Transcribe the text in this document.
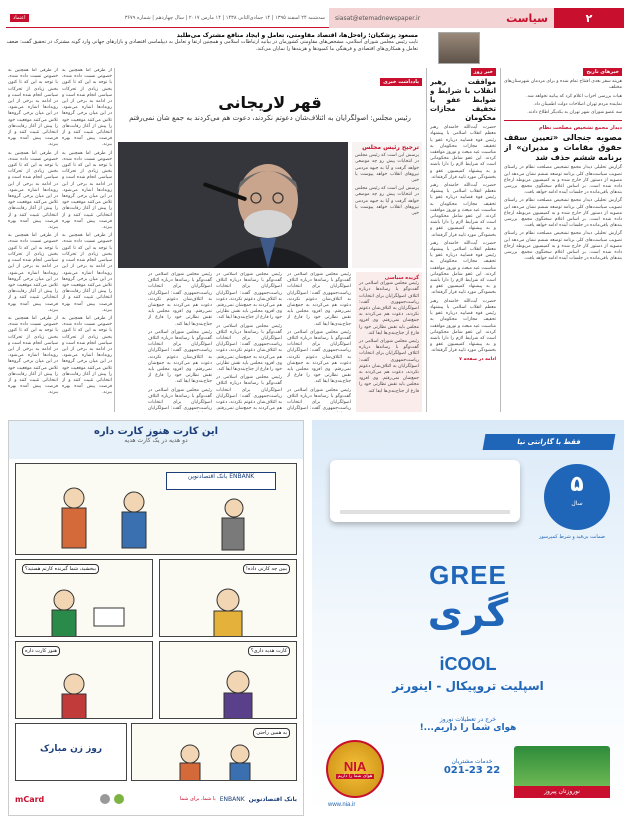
۲
سیاست
siasat@etemadnewspaper.ir
سه‌شنبه ۲۴ اسفند ۱۳۹۵ | ۱۴ جمادی‌الثانی ۱۴۳۸ | ۱۴ مارس ۲۰۱۷ | سال چهاردهم | شماره ۳۶۷۹
اعتماد
مسعود پزشکیان: راه‌حل‌ها، اقتصاد مقاومتی، تعامل و ایجاد منافع مشترک می‌طلبد
نایب رئیس مجلس شورای اسلامی، مشخص‌های مقاومتی کشورمان در بیانیه ارتباطات اسلامی و همچنین ارتقا و تعامل به دیپلماسی اقتصادی و بازارهای جهانی وارد گونه مشترک در تحقیق گفت: ضعف تعامل و همکاری‌های اقتصادی و فرهنگی ما کمبودها و هزینه‌ها را نمایان می‌کند.
خبرهای تاریخ

هزینه سفر بعدی افتتاح تمام شده و برای مردمان شهرستان‌های مختلف

هیات بررسی احزاب اعلام کرد که بیانیه نخواهد شد.

نماینده مردم تهران اصلاحات دولت اطمینان داد.

سه عضو شورای شهر تهران به یکدیگر اطلاع دادند.

دیدار مجمع تشخیص مصلحت نظام
مصوبه جنجالی «تعیین سقف حقوق مقامات و مدیران» از برنامه ششم حذف شد

گزارش تحلیلی دیدار مجمع تشخیص مصلحت نظام در راستای تصویب سیاست‌های کلی برنامه توسعه ششم نشان می‌دهد این مصوبه از دستور کار خارج شده و به کمیسیون مربوطه ارجاع داده شده است. بر اساس اعلام سخنگوی مجمع، بررسی بندهای باقی‌مانده در جلسات آینده ادامه خواهد یافت.

گزارش تحلیلی دیدار مجمع تشخیص مصلحت نظام در راستای تصویب سیاست‌های کلی برنامه توسعه ششم نشان می‌دهد این مصوبه از دستور کار خارج شده و به کمیسیون مربوطه ارجاع داده شده است. بر اساس اعلام سخنگوی مجمع، بررسی بندهای باقی‌مانده در جلسات آینده ادامه خواهد یافت.

گزارش تحلیلی دیدار مجمع تشخیص مصلحت نظام در راستای تصویب سیاست‌های کلی برنامه توسعه ششم نشان می‌دهد این مصوبه از دستور کار خارج شده و به کمیسیون مربوطه ارجاع داده شده است. بر اساس اعلام سخنگوی مجمع، بررسی بندهای باقی‌مانده در جلسات آینده ادامه خواهد یافت.

خبر روز
موافقت رهبر انقلاب با شرایط و ضوابط عفو یا تخفیف مجازات محکومان

حضرت آیت‌الله خامنه‌ای رهبر معظم انقلاب اسلامی با پیشنهاد رئیس قوه قضاییه درباره عفو یا تخفیف مجازات محکومان به مناسبت عید مبعث و نوروز موافقت کردند. این عفو شامل محکومانی است که شرایط لازم را دارا باشند و به پیشنهاد کمیسیون عفو و بخشودگی مورد تایید قرار گرفته‌اند.

حضرت آیت‌الله خامنه‌ای رهبر معظم انقلاب اسلامی با پیشنهاد رئیس قوه قضاییه درباره عفو یا تخفیف مجازات محکومان به مناسبت عید مبعث و نوروز موافقت کردند. این عفو شامل محکومانی است که شرایط لازم را دارا باشند و به پیشنهاد کمیسیون عفو و بخشودگی مورد تایید قرار گرفته‌اند.

حضرت آیت‌الله خامنه‌ای رهبر معظم انقلاب اسلامی با پیشنهاد رئیس قوه قضاییه درباره عفو یا تخفیف مجازات محکومان به مناسبت عید مبعث و نوروز موافقت کردند. این عفو شامل محکومانی است که شرایط لازم را دارا باشند و به پیشنهاد کمیسیون عفو و بخشودگی مورد تایید قرار گرفته‌اند.

حضرت آیت‌الله خامنه‌ای رهبر معظم انقلاب اسلامی با پیشنهاد رئیس قوه قضاییه درباره عفو یا تخفیف مجازات محکومان به مناسبت عید مبعث و نوروز موافقت کردند. این عفو شامل محکومانی است که شرایط لازم را دارا باشند و به پیشنهاد کمیسیون عفو و بخشودگی مورد تایید قرار گرفته‌اند.

ادامه در صفحه ۷

یادداشت خبری
قهر لاریجانی
رئیس مجلس: اصولگرایان به ائتلاف‌شان دعوتم نکردند، دعوت هم می‌کردند به جمع شان نمی‌رفتم
ترجیح رئیس مجلس

پرسش این است که رئیس مجلس در انتخابات پیش رو چه موضعی خواهد گرفت و آیا به جبهه مردمی نیروهای انقلاب خواهد پیوست یا خیر.

پرسش این است که رئیس مجلس در انتخابات پیش رو چه موضعی خواهد گرفت و آیا به جبهه مردمی نیروهای انقلاب خواهد پیوست یا خیر.

گزیده سیاسی

رئیس مجلس شورای اسلامی در گفت‌وگو با رسانه‌ها درباره ائتلاف اصولگرایان برای انتخابات ریاست‌جمهوری گفت: اصولگرایان به ائتلاف‌شان دعوتم نکردند، دعوت هم می‌کردند به جمع‌شان نمی‌رفتم. وی افزود مجلس باید نقش نظارتی خود را فارغ از جناح‌بندی‌ها ایفا کند.

رئیس مجلس شورای اسلامی در گفت‌وگو با رسانه‌ها درباره ائتلاف اصولگرایان برای انتخابات ریاست‌جمهوری گفت: اصولگرایان به ائتلاف‌شان دعوتم نکردند، دعوت هم می‌کردند به جمع‌شان نمی‌رفتم. وی افزود مجلس باید نقش نظارتی خود را فارغ از جناح‌بندی‌ها ایفا کند.

رئیس مجلس شورای اسلامی در گفت‌وگو با رسانه‌ها درباره ائتلاف اصولگرایان برای انتخابات ریاست‌جمهوری گفت: اصولگرایان به ائتلاف‌شان دعوتم نکردند، دعوت هم می‌کردند به جمع‌شان نمی‌رفتم. وی افزود مجلس باید نقش نظارتی خود را فارغ از جناح‌بندی‌ها ایفا کند.

رئیس مجلس شورای اسلامی در گفت‌وگو با رسانه‌ها درباره ائتلاف اصولگرایان برای انتخابات ریاست‌جمهوری گفت: اصولگرایان به ائتلاف‌شان دعوتم نکردند، دعوت هم می‌کردند به جمع‌شان نمی‌رفتم. وی افزود مجلس باید نقش نظارتی خود را فارغ از جناح‌بندی‌ها ایفا کند.

رئیس مجلس شورای اسلامی در گفت‌وگو با رسانه‌ها درباره ائتلاف اصولگرایان برای انتخابات ریاست‌جمهوری گفت: اصولگرایان

رئیس مجلس شورای اسلامی در گفت‌وگو با رسانه‌ها درباره ائتلاف اصولگرایان برای انتخابات ریاست‌جمهوری گفت: اصولگرایان به ائتلاف‌شان دعوتم نکردند، دعوت هم می‌کردند به جمع‌شان نمی‌رفتم. وی افزود مجلس باید نقش نظارتی خود را فارغ از جناح‌بندی‌ها ایفا کند.

رئیس مجلس شورای اسلامی در گفت‌وگو با رسانه‌ها درباره ائتلاف اصولگرایان برای انتخابات ریاست‌جمهوری گفت: اصولگرایان به ائتلاف‌شان دعوتم نکردند، دعوت هم می‌کردند به جمع‌شان نمی‌رفتم. وی افزود مجلس باید نقش نظارتی خود را فارغ از جناح‌بندی‌ها ایفا کند.

رئیس مجلس شورای اسلامی در گفت‌وگو با رسانه‌ها درباره ائتلاف اصولگرایان برای انتخابات ریاست‌جمهوری گفت: اصولگرایان به ائتلاف‌شان دعوتم نکردند، دعوت هم می‌کردند به جمع‌شان نمی‌رفتم.

رئیس مجلس شورای اسلامی در گفت‌وگو با رسانه‌ها درباره ائتلاف اصولگرایان برای انتخابات ریاست‌جمهوری گفت: اصولگرایان به ائتلاف‌شان دعوتم نکردند، دعوت هم می‌کردند به جمع‌شان نمی‌رفتم. وی افزود مجلس باید نقش نظارتی خود را فارغ از جناح‌بندی‌ها ایفا کند.

رئیس مجلس شورای اسلامی در گفت‌وگو با رسانه‌ها درباره ائتلاف اصولگرایان برای انتخابات ریاست‌جمهوری گفت: اصولگرایان به ائتلاف‌شان دعوتم نکردند، دعوت هم می‌کردند به جمع‌شان نمی‌رفتم. وی افزود مجلس باید نقش نظارتی خود را فارغ از جناح‌بندی‌ها ایفا کند.

رئیس مجلس شورای اسلامی در گفت‌وگو با رسانه‌ها درباره ائتلاف اصولگرایان برای انتخابات ریاست‌جمهوری گفت: اصولگرایان

از طرفی اما همچنین به خصوص نسبت داده شده، با توجه به این که تا کنون بخش زیادی از تحرکات سیاسی انجام شده است و در ادامه به برخی از این رویدادها اشاره می‌شود. در این میان برخی گروه‌ها تلاش می‌کنند موقعیت خود را پیش از آغاز رقابت‌های انتخاباتی تثبیت کنند و از فرصت پیش آمده بهره ببرند.

از طرفی اما همچنین به خصوص نسبت داده شده، با توجه به این که تا کنون بخش زیادی از تحرکات سیاسی انجام شده است و در ادامه به برخی از این رویدادها اشاره می‌شود. در این میان برخی گروه‌ها تلاش می‌کنند موقعیت خود را پیش از آغاز رقابت‌های انتخاباتی تثبیت کنند و از فرصت پیش آمده بهره ببرند.

از طرفی اما همچنین به خصوص نسبت داده شده، با توجه به این که تا کنون بخش زیادی از تحرکات سیاسی انجام شده است و در ادامه به برخی از این رویدادها اشاره می‌شود. در این میان برخی گروه‌ها تلاش می‌کنند موقعیت خود را پیش از آغاز رقابت‌های انتخاباتی تثبیت کنند و از فرصت پیش آمده بهره ببرند.

از طرفی اما همچنین به خصوص نسبت داده شده، با توجه به این که تا کنون بخش زیادی از تحرکات سیاسی انجام شده است و در ادامه به برخی از این رویدادها اشاره می‌شود. در این میان برخی گروه‌ها تلاش می‌کنند موقعیت خود را پیش از آغاز رقابت‌های انتخاباتی تثبیت کنند و از فرصت پیش آمده بهره ببرند.

از طرفی اما همچنین به خصوص نسبت داده شده، با توجه به این که تا کنون بخش زیادی از تحرکات سیاسی انجام شده است و در ادامه به برخی از این رویدادها اشاره می‌شود. در این میان برخی گروه‌ها تلاش می‌کنند موقعیت خود را پیش از آغاز رقابت‌های انتخاباتی تثبیت کنند و از فرصت پیش آمده بهره ببرند.

از طرفی اما همچنین به خصوص نسبت داده شده، با توجه به این که تا کنون بخش زیادی از تحرکات سیاسی انجام شده است و در ادامه به برخی از این رویدادها اشاره می‌شود. در این میان برخی گروه‌ها تلاش می‌کنند موقعیت خود را پیش از آغاز رقابت‌های انتخاباتی تثبیت کنند و از فرصت پیش آمده بهره ببرند.

از طرفی اما همچنین به خصوص نسبت داده شده، با توجه به این که تا کنون بخش زیادی از تحرکات سیاسی انجام شده است و در ادامه به برخی از این رویدادها اشاره می‌شود. در این میان برخی گروه‌ها تلاش می‌کنند موقعیت خود را پیش از آغاز رقابت‌های انتخاباتی تثبیت کنند و از فرصت پیش آمده بهره ببرند.

از طرفی اما همچنین به خصوص نسبت داده شده، با توجه به این که تا کنون بخش زیادی از تحرکات سیاسی انجام شده است و در ادامه به برخی از این رویدادها اشاره می‌شود. در این میان برخی گروه‌ها تلاش می‌کنند موقعیت خود را پیش از آغاز رقابت‌های انتخاباتی تثبیت کنند و از فرصت پیش آمده بهره ببرند.

این کارت هنوز کارت داره
دو هدیه در یک کارت هدیه
ENBANK بانک اقتصادنوین
ببخشید، شما گیرنده کارتم هستید؟	ببین چه کارتی داده!
هنوز کارت داره	کارت هدیه داری؟
روز زن مبارک
به همین راحتی
بانک اقتصادنوین
ENBANK
با شما، برای شما
mCard
فقط با گارانتی نیا
۵
سال
ضمانت بی‌قید و شرط کمپرسور
GREE
گری
iCOOL
اسپلیت تروپیکال - اینورتر
خرج در تعطیلات نوروز
هوای شما را داریم...!
نوروزتان پیروز
خدمات مشتریان
021-23 22
NIA
هوای شما را داریم
www.nia.ir
